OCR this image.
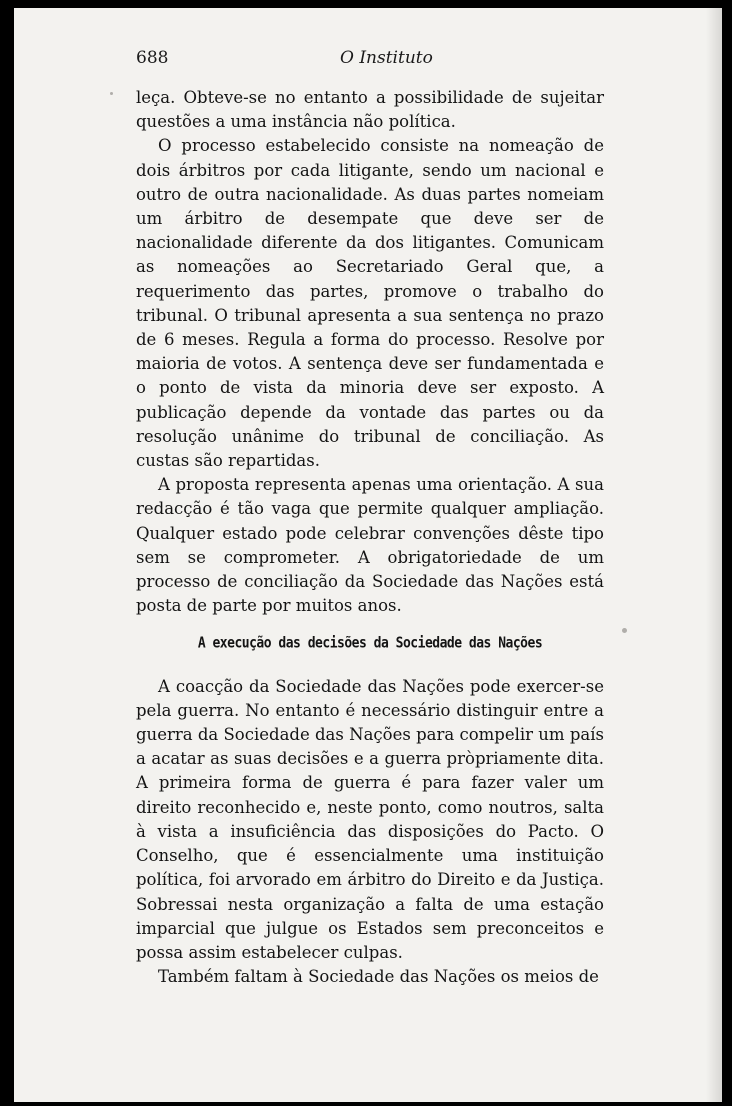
688	O Instituto

leça. Obteve-se no entanto a possibilidade de sujeitar questões a uma instância não política.

O processo estabelecido consiste na nomeação de dois árbitros por cada litigante, sendo um nacional e outro de outra nacionalidade. As duas partes nomeiam um árbitro de desempate que deve ser de nacionalidade diferente da dos litigantes. Comunicam as nomeações ao Secretariado Geral que, a requerimento das partes, promove o trabalho do tribunal. O tribunal apresenta a sua sentença no prazo de 6 meses. Regula a forma do processo. Resolve por maioria de votos. A sentença deve ser fundamentada e o ponto de vista da minoria deve ser exposto. A publicação depende da vontade das partes ou da resolução unânime do tribunal de conciliação. As custas são repartidas.

A proposta representa apenas uma orientação. A sua redacção é tão vaga que permite qualquer ampliação. Qualquer estado pode celebrar convenções dêste tipo sem se comprometer. A obrigatoriedade de um processo de conciliação da Sociedade das Nações está posta de parte por muitos anos.

A execução das decisões da Sociedade das Nações

A coacção da Sociedade das Nações pode exercer-se pela guerra. No entanto é necessário distinguir entre a guerra da Sociedade das Nações para compelir um país a acatar as suas decisões e a guerra pròpriamente dita. A primeira forma de guerra é para fazer valer um direito reconhecido e, neste ponto, como noutros, salta à vista a insuficiência das disposições do Pacto. O Conselho, que é essencialmente uma instituição política, foi arvorado em árbitro do Direito e da Justiça. Sobressai nesta organização a falta de uma estação imparcial que julgue os Estados sem preconceitos e possa assim estabelecer culpas.

Também faltam à Sociedade das Nações os meios de
